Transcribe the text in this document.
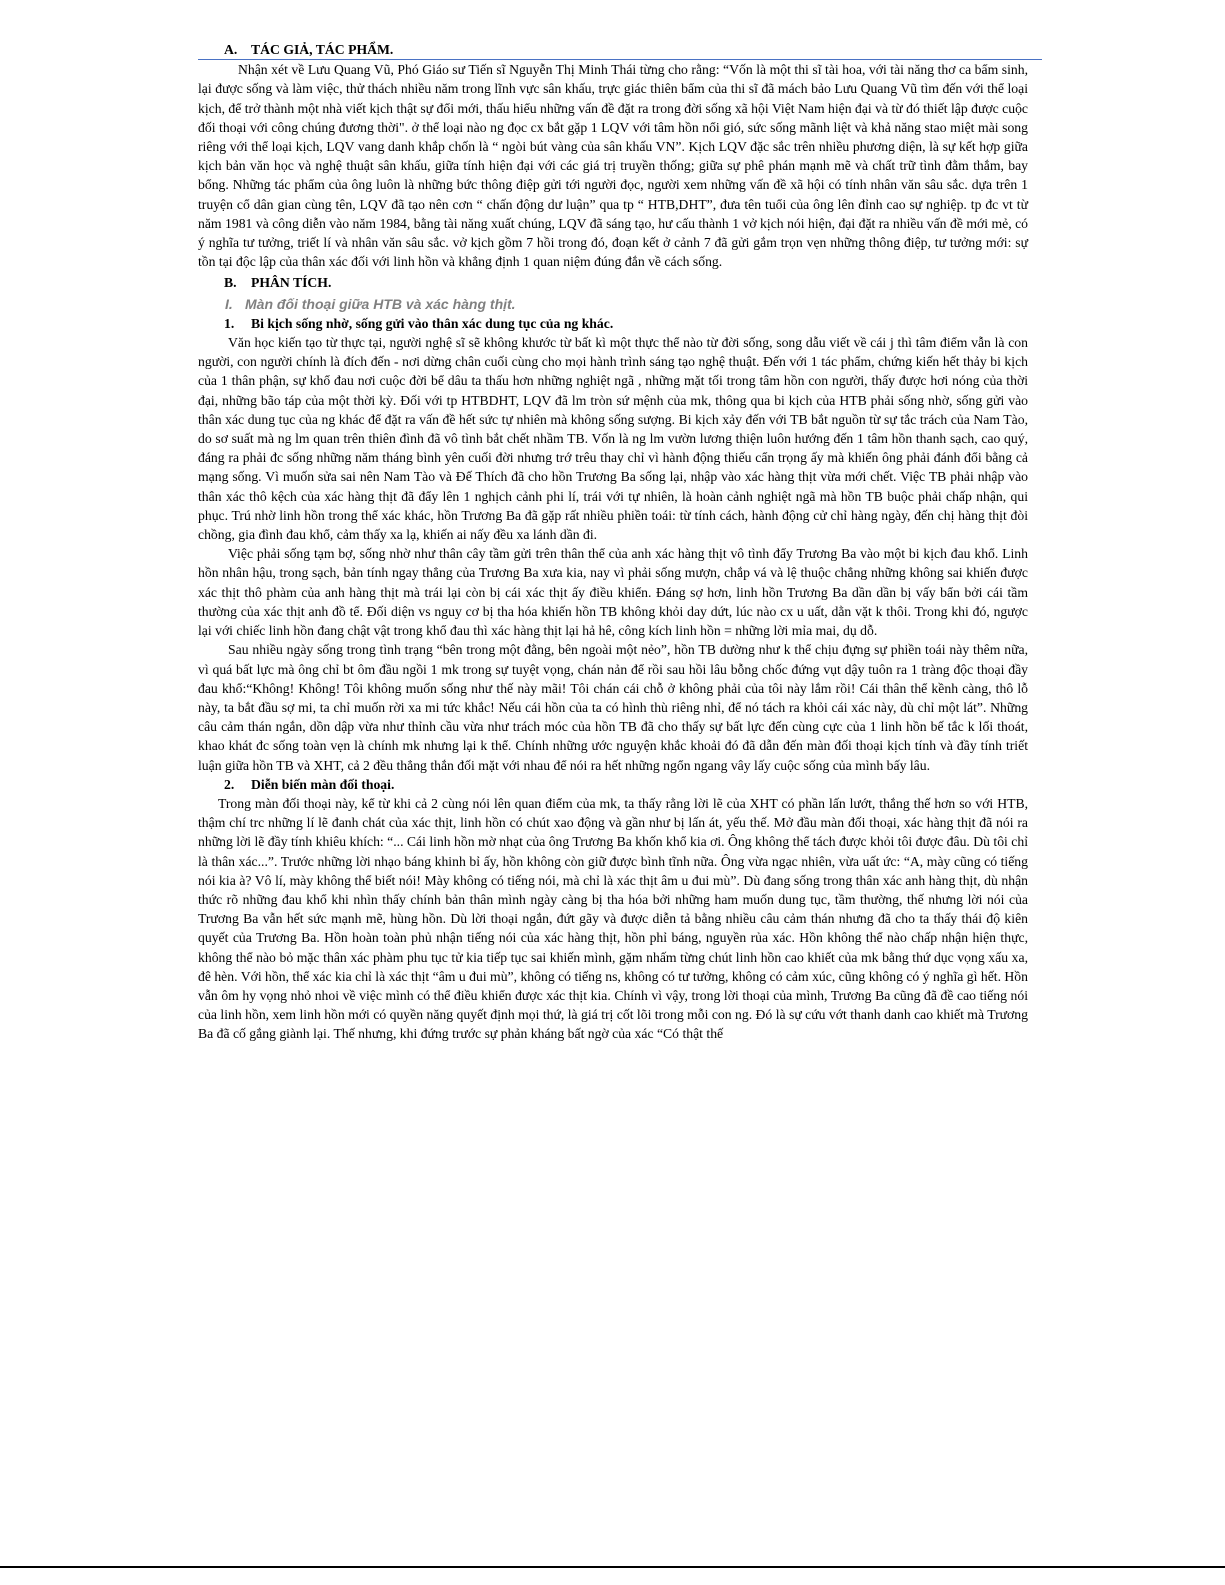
A. TÁC GIẢ, TÁC PHẨM.

Nhận xét về Lưu Quang Vũ, Phó Giáo sư Tiến sĩ Nguyễn Thị Minh Thái từng cho rằng: “Vốn là một thi sĩ tài hoa, với tài năng thơ ca bẩm sinh, lại được sống và làm việc, thử thách nhiều năm trong lĩnh vực sân khấu, trực giác thiên bẩm của thi sĩ đã mách bảo Lưu Quang Vũ tìm đến với thể loại kịch, để trở thành một nhà viết kịch thật sự đổi mới, thấu hiểu những vấn đề đặt ra trong đời sống xã hội Việt Nam hiện đại và từ đó thiết lập được cuộc đối thoại với công chúng đương thời". ở thể loại nào ng đọc cx bắt gặp 1 LQV với tâm hồn nổi gió, sức sống mãnh liệt và khả năng stao miệt mài song riêng với thể loại kịch, LQV vang danh khắp chốn là “ ngòi bút vàng của sân khấu VN”. Kịch LQV đặc sắc trên nhiều phương diện, là sự kết hợp giữa kịch bản văn học và nghệ thuật sân khấu, giữa tính hiện đại với các giá trị truyền thống; giữa sự phê phán mạnh mẽ và chất trữ tình đằm thắm, bay bổng. Những tác phẩm của ông luôn là những bức thông điệp gửi tới người đọc, người xem những vấn đề xã hội có tính nhân văn sâu sắc. dựa trên 1 truyện cổ dân gian cùng tên, LQV đã tạo nên cơn “ chấn động dư luận” qua tp “ HTB,DHT”, đưa tên tuổi của ông lên đỉnh cao sự nghiệp. tp đc vt từ năm 1981 và công diễn vào năm 1984, bằng tài năng xuất chúng, LQV đã sáng tạo, hư cấu thành 1 vở kịch nói hiện, đại đặt ra nhiều vấn đề mới mẻ, có ý nghĩa tư tưởng, triết lí và nhân văn sâu sắc. vở kịch gồm 7 hồi trong đó, đoạn kết ở cảnh 7 đã gửi gắm trọn vẹn những thông điệp, tư tưởng mới: sự tồn tại độc lập của thân xác đối với linh hồn và khẳng định 1 quan niệm đúng đắn về cách sống.

B.	PHÂN TÍCH.

I. Màn đối thoại giữa HTB và xác hàng thịt.

1.	Bi kịch sống nhờ, sống gửi vào thân xác dung tục của ng khác.

Văn học kiến tạo từ thực tại, người nghệ sĩ sẽ không khước từ bất kì một thực thể nào từ đời sống, song dẫu viết về cái j thì tâm điểm vẫn là con người, con người chính là đích đến - nơi dừng chân cuối cùng cho mọi hành trình sáng tạo nghệ thuật. Đến với 1 tác phẩm, chứng kiến hết thảy bi kịch của 1 thân phận, sự khổ đau nơi cuộc đời bể dâu ta thấu hơn những nghiệt ngã , những mặt tối trong tâm hồn con người, thấy được hơi nóng của thời đại, những bão táp của một thời kỳ. Đối với tp HTBDHT, LQV đã lm tròn sứ mệnh của mk, thông qua bi kịch của HTB phải sống nhờ, sống gửi vào thân xác dung tục của ng khác để đặt ra vấn đề hết sức tự nhiên mà không sống sượng. Bi kịch xảy đến với TB bắt nguồn từ sự tắc trách của Nam Tào, do sơ suất mà ng lm quan trên thiên đình đã vô tình bắt chết nhầm TB. Vốn là ng lm vườn lương thiện luôn hướng đến 1 tâm hồn thanh sạch, cao quý, đáng ra phải đc sống những năm tháng bình yên cuối đời nhưng trớ trêu thay chỉ vì hành động thiếu cẩn trọng ấy mà khiến ông phải đánh đổi bằng cả mạng sống. Vì muốn sửa sai nên Nam Tào và Đế Thích đã cho hồn Trương Ba sống lại, nhập vào xác hàng thịt vừa mới chết. Việc TB phải nhập vào thân xác thô kệch của xác hàng thịt đã đẩy lên 1 nghịch cảnh phi lí, trái với tự nhiên, là hoàn cảnh nghiệt ngã mà hồn TB buộc phải chấp nhận, qui phục. Trú nhờ linh hồn trong thể xác khác, hồn Trương Ba đã gặp rất nhiều phiền toái: từ tính cách, hành động cử chỉ hàng ngày, đến chị hàng thịt đòi chồng, gia đình đau khổ, cảm thấy xa lạ, khiến ai nấy đều xa lánh dần đi.

Việc phải sống tạm bợ, sống nhờ như thân cây tầm gửi trên thân thể của anh xác hàng thịt vô tình đẩy Trương Ba vào một bi kịch đau khổ. Linh hồn nhân hậu, trong sạch, bản tính ngay thẳng của Trương Ba xưa kia, nay vì phải sống mượn, chắp vá và lệ thuộc chẳng những không sai khiến được xác thịt thô phàm của anh hàng thịt mà trái lại còn bị cái xác thịt ấy điều khiển. Đáng sợ hơn, linh hồn Trương Ba dần dần bị vấy bẩn bởi cái tầm thường của xác thịt anh đồ tể. Đối diện vs nguy cơ bị tha hóa khiến hồn TB không khỏi day dứt, lúc nào cx u uất, dằn vặt k thôi. Trong khi đó, ngược lại với chiếc linh hồn đang chật vật trong khổ đau thì xác hàng thịt lại hả hê, công kích linh hồn = những lời mỉa mai, dụ dỗ.

Sau nhiều ngày sống trong tình trạng “bên trong một đằng, bên ngoài một nẻo”, hồn TB dường như k thể chịu đựng sự phiền toái này thêm nữa, vì quá bất lực mà ông chỉ bt ôm đầu ngồi 1 mk trong sự tuyệt vọng, chán nản để rồi sau hồi lâu bỗng chốc đứng vụt dậy tuôn ra 1 tràng độc thoại đầy đau khổ:“Không! Không! Tôi không muốn sống như thế này mãi! Tôi chán cái chỗ ở không phải của tôi này lắm rồi! Cái thân thể kềnh càng, thô lỗ này, ta bắt đầu sợ mi, ta chỉ muốn rời xa mi tức khắc! Nếu cái hồn của ta có hình thù riêng nhỉ, để nó tách ra khỏi cái xác này, dù chỉ một lát”. Những câu cảm thán ngắn, dồn dập vừa như thỉnh cầu vừa như trách móc của hồn TB đã cho thấy sự bất lực đến cùng cực của 1 linh hồn bế tắc k lối thoát, khao khát đc sống toàn vẹn là chính mk nhưng lại k thể. Chính những ước nguyện khắc khoải đó đã dẫn đến màn đối thoại kịch tính và đầy tính triết luận giữa hồn TB và XHT, cả 2 đều thẳng thắn đối mặt với nhau để nói ra hết những ngổn ngang vây lấy cuộc sống của mình bấy lâu.

2.	Diễn biến màn đối thoại.

Trong màn đối thoại này, kể từ khi cả 2 cùng nói lên quan điểm của mk, ta thấy rằng lời lẽ của XHT có phần lấn lướt, thắng thế hơn so với HTB, thậm chí trc những lí lẽ đanh chát của xác thịt, linh hồn có chút xao động và gần như bị lấn át, yếu thế. Mở đầu màn đối thoại, xác hàng thịt đã nói ra những lời lẽ đầy tính khiêu khích: “... Cái linh hồn mờ nhạt của ông Trương Ba khốn khổ kia ơi. Ông không thể tách được khỏi tôi được đâu. Dù tôi chỉ là thân xác...”. Trước những lời nhạo báng khinh bỉ ấy, hồn không còn giữ được bình tĩnh nữa. Ông vừa ngạc nhiên, vừa uất ức: “A, mày cũng có tiếng nói kia à? Vô lí, mày không thể biết nói! Mày không có tiếng nói, mà chỉ là xác thịt âm u đui mù”. Dù đang sống trong thân xác anh hàng thịt, dù nhận thức rõ những đau khổ khi nhìn thấy chính bản thân mình ngày càng bị tha hóa bởi những ham muốn dung tục, tầm thường, thế nhưng lời nói của Trương Ba vẫn hết sức mạnh mẽ, hùng hồn. Dù lời thoại ngắn, đứt gãy và được diễn tả bằng nhiều câu cảm thán nhưng đã cho ta thấy thái độ kiên quyết của Trương Ba. Hồn hoàn toàn phủ nhận tiếng nói của xác hàng thịt, hồn phỉ báng, nguyền rủa xác. Hồn không thể nào chấp nhận hiện thực, không thể nào bỏ mặc thân xác phàm phu tục tử kia tiếp tục sai khiến mình, gặm nhấm từng chút linh hồn cao khiết của mk bằng thứ dục vọng xấu xa, đê hèn. Với hồn, thể xác kia chỉ là xác thịt “âm u đui mù”, không có tiếng ns, không có tư tưởng, không có cảm xúc, cũng không có ý nghĩa gì hết. Hồn vẫn ôm hy vọng nhỏ nhoi về việc mình có thể điều khiển được xác thịt kia. Chính vì vậy, trong lời thoại của mình, Trương Ba cũng đã đề cao tiếng nói của linh hồn, xem linh hồn mới có quyền năng quyết định mọi thứ, là giá trị cốt lõi trong mỗi con ng. Đó là sự cứu vớt thanh danh cao khiết mà Trương Ba đã cố gắng giành lại. Thế nhưng, khi đứng trước sự phản kháng bất ngờ của xác “Có thật thế
